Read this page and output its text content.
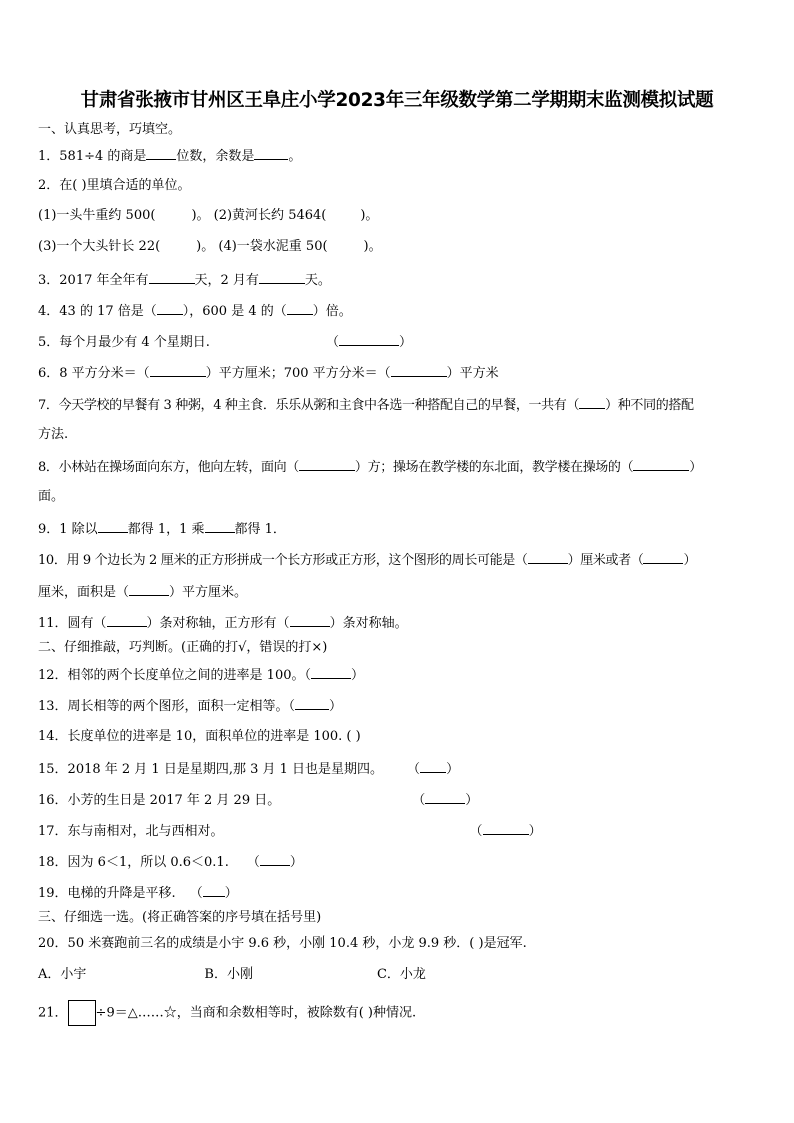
甘肃省张掖市甘州区王阜庄小学2023年三年级数学第二学期期末监测模拟试题
一、认真思考，巧填空。
1．581÷4 的商是 位数，余数是	。
2．在( )里填合适的单位。
(1)一头牛重约 500(	)。 (2)黄河长约 5464(	)。
(3)一个大头针长 22(	)。 (4)一袋水泥重 50(	)。
3．2017 年全年有	天，2 月有	天。
4．43 的 17 倍是（ ），600 是 4 的（ ）倍。
5．每个月最少有 4 个星期日.	（	）
6．8 平方分米＝（	）平方厘米；700 平方分米＝（	）平方米
7．今天学校的早餐有 3 种粥，4 种主食．乐乐从粥和主食中各选一种搭配自己的早餐，一共有（ ）种不同的搭配
方法.
8．小林站在操场面向东方，他向左转，面向（	）方；操场在教学楼的东北面，教学楼在操场的（	）
面。
9．1 除以 都得 1，1 乘 都得 1．
10．用 9 个边长为 2 厘米的正方形拼成一个长方形或正方形，这个图形的周长可能是（	）厘米或者（	）
厘米，面积是（	）平方厘米。
11．圆有（	）条对称轴，正方形有（	）条对称轴。
二、仔细推敲，巧判断。(正确的打√，错误的打×)
12．相邻的两个长度单位之间的进率是 100。（	）
13．周长相等的两个图形，面积一定相等。（	）
14．长度单位的进率是 10，面积单位的进率是 100. ( )
15．2018 年 2 月 1 日是星期四,那 3 月 1 日也是星期四。 （ ）
16．小芳的生日是 2017 年 2 月 29 日。	（	）
17．东与南相对，北与西相对。	（	）
18．因为 6＜1，所以 0.6＜0.1. （ ）
19．电梯的升降是平移. （ ）
三、仔细选一选。(将正确答案的序号填在括号里)
20．50 米赛跑前三名的成绩是小宇 9.6 秒，小刚 10.4 秒，小龙 9.9 秒．( )是冠军.
A．小宇	B．小刚	C．小龙
21． ÷9＝△……☆，当商和余数相等时，被除数有( )种情况.
